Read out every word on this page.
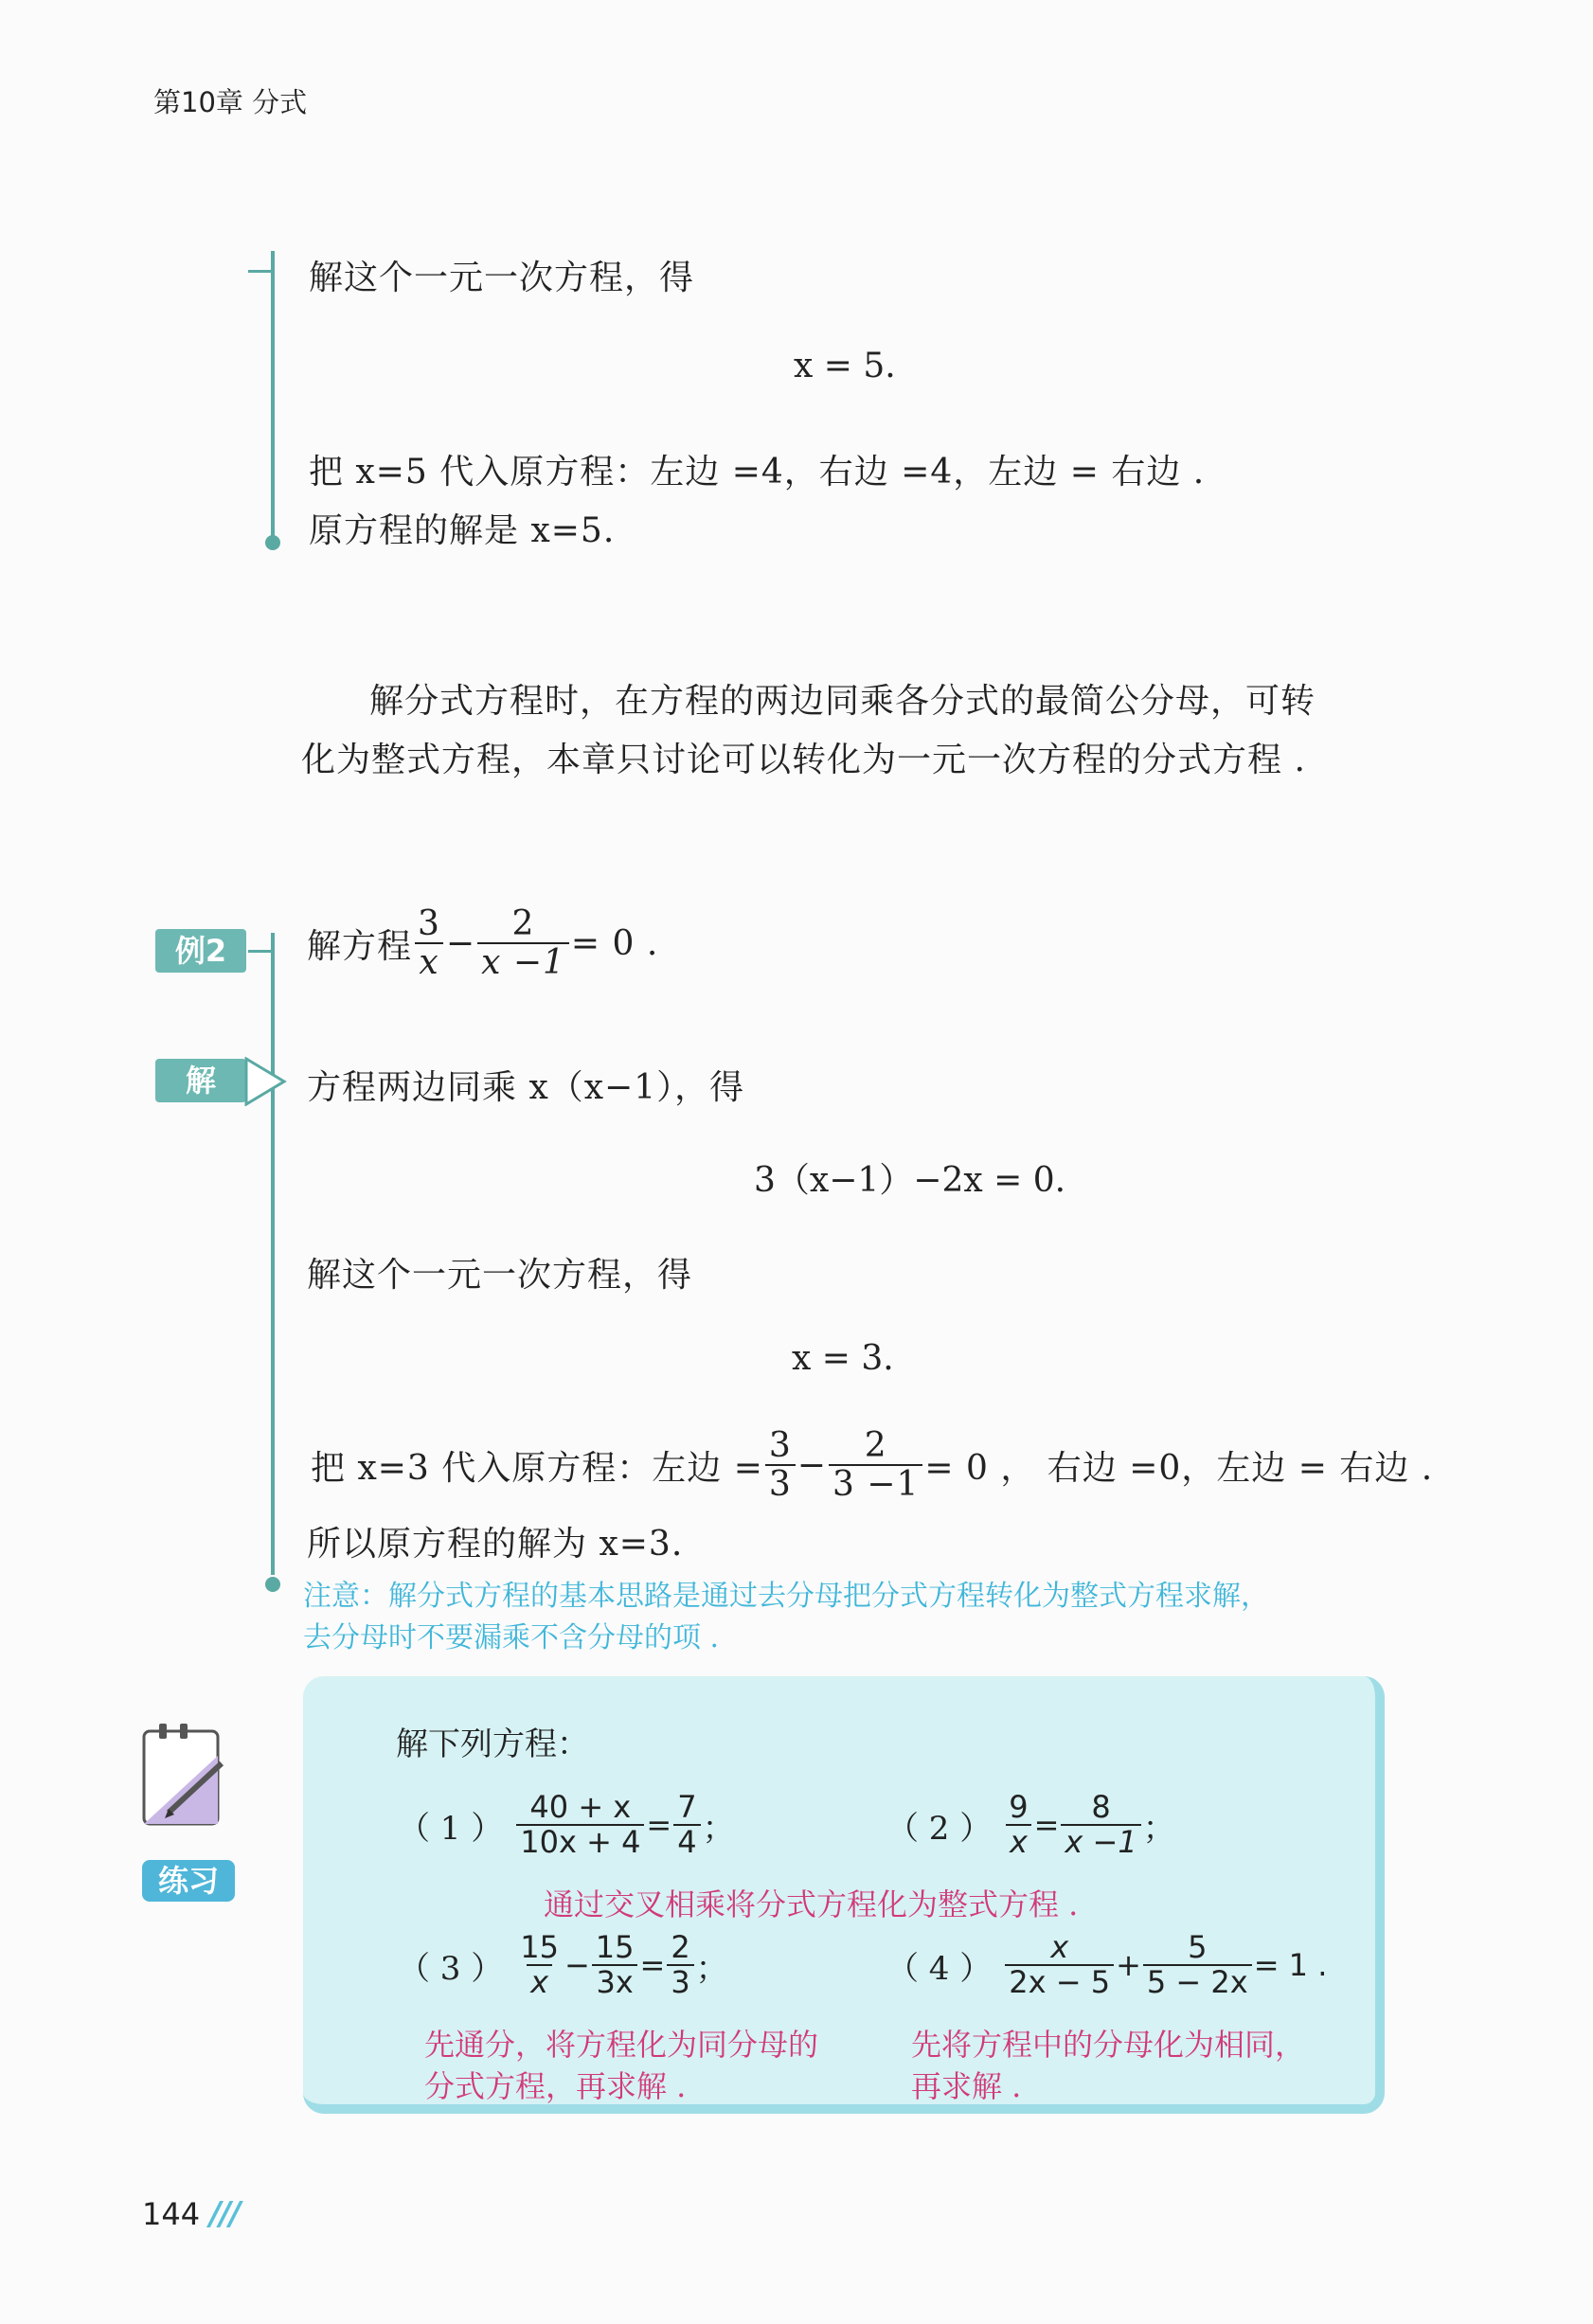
第10章 分式
解这个一元一次方程，得
x = 5.
把 x=5 代入原方程：左边 =4，右边 =4，左边 = 右边 .
原方程的解是 x=5.
解分式方程时，在方程的两边同乘各分式的最简公分母，可转
化为整式方程，本章只讨论可以转化为一元一次方程的分式方程 .
例2	解方程 $\frac{3}{x} - \frac{2}{x -1} = 0$ .
解	方程两边同乘 x（x−1），得
3（x−1）−2x = 0.
解这个一元一次方程，得
x = 3.
把 x=3 代入原方程：左边 = $\frac{3}{3} - \frac{2}{3 -1} = 0$ ， 右边 =0，左边 = 右边 .
所以原方程的解为 x=3.
注意：解分式方程的基本思路是通过去分母把分式方程转化为整式方程求解，
去分母时不要漏乘不含分母的项 .
练习
解下列方程：
（ 1 ） $\frac{40 + x}{10x + 4} = \frac{7}{4}$ ；	（ 2 ） $\frac{9}{x} = \frac{8}{x -1}$ ；
通过交叉相乘将分式方程化为整式方程 .
（ 3 ） $\frac{15}{x} - \frac{15}{3x} = \frac{2}{3}$ ；	（ 4 ） $\frac{x}{2x - 5} + \frac{5}{5 - 2x} = 1$ .
先通分，将方程化为同分母的
分式方程，再求解 .
先将方程中的分母化为相同，
再求解 .
144 ///
